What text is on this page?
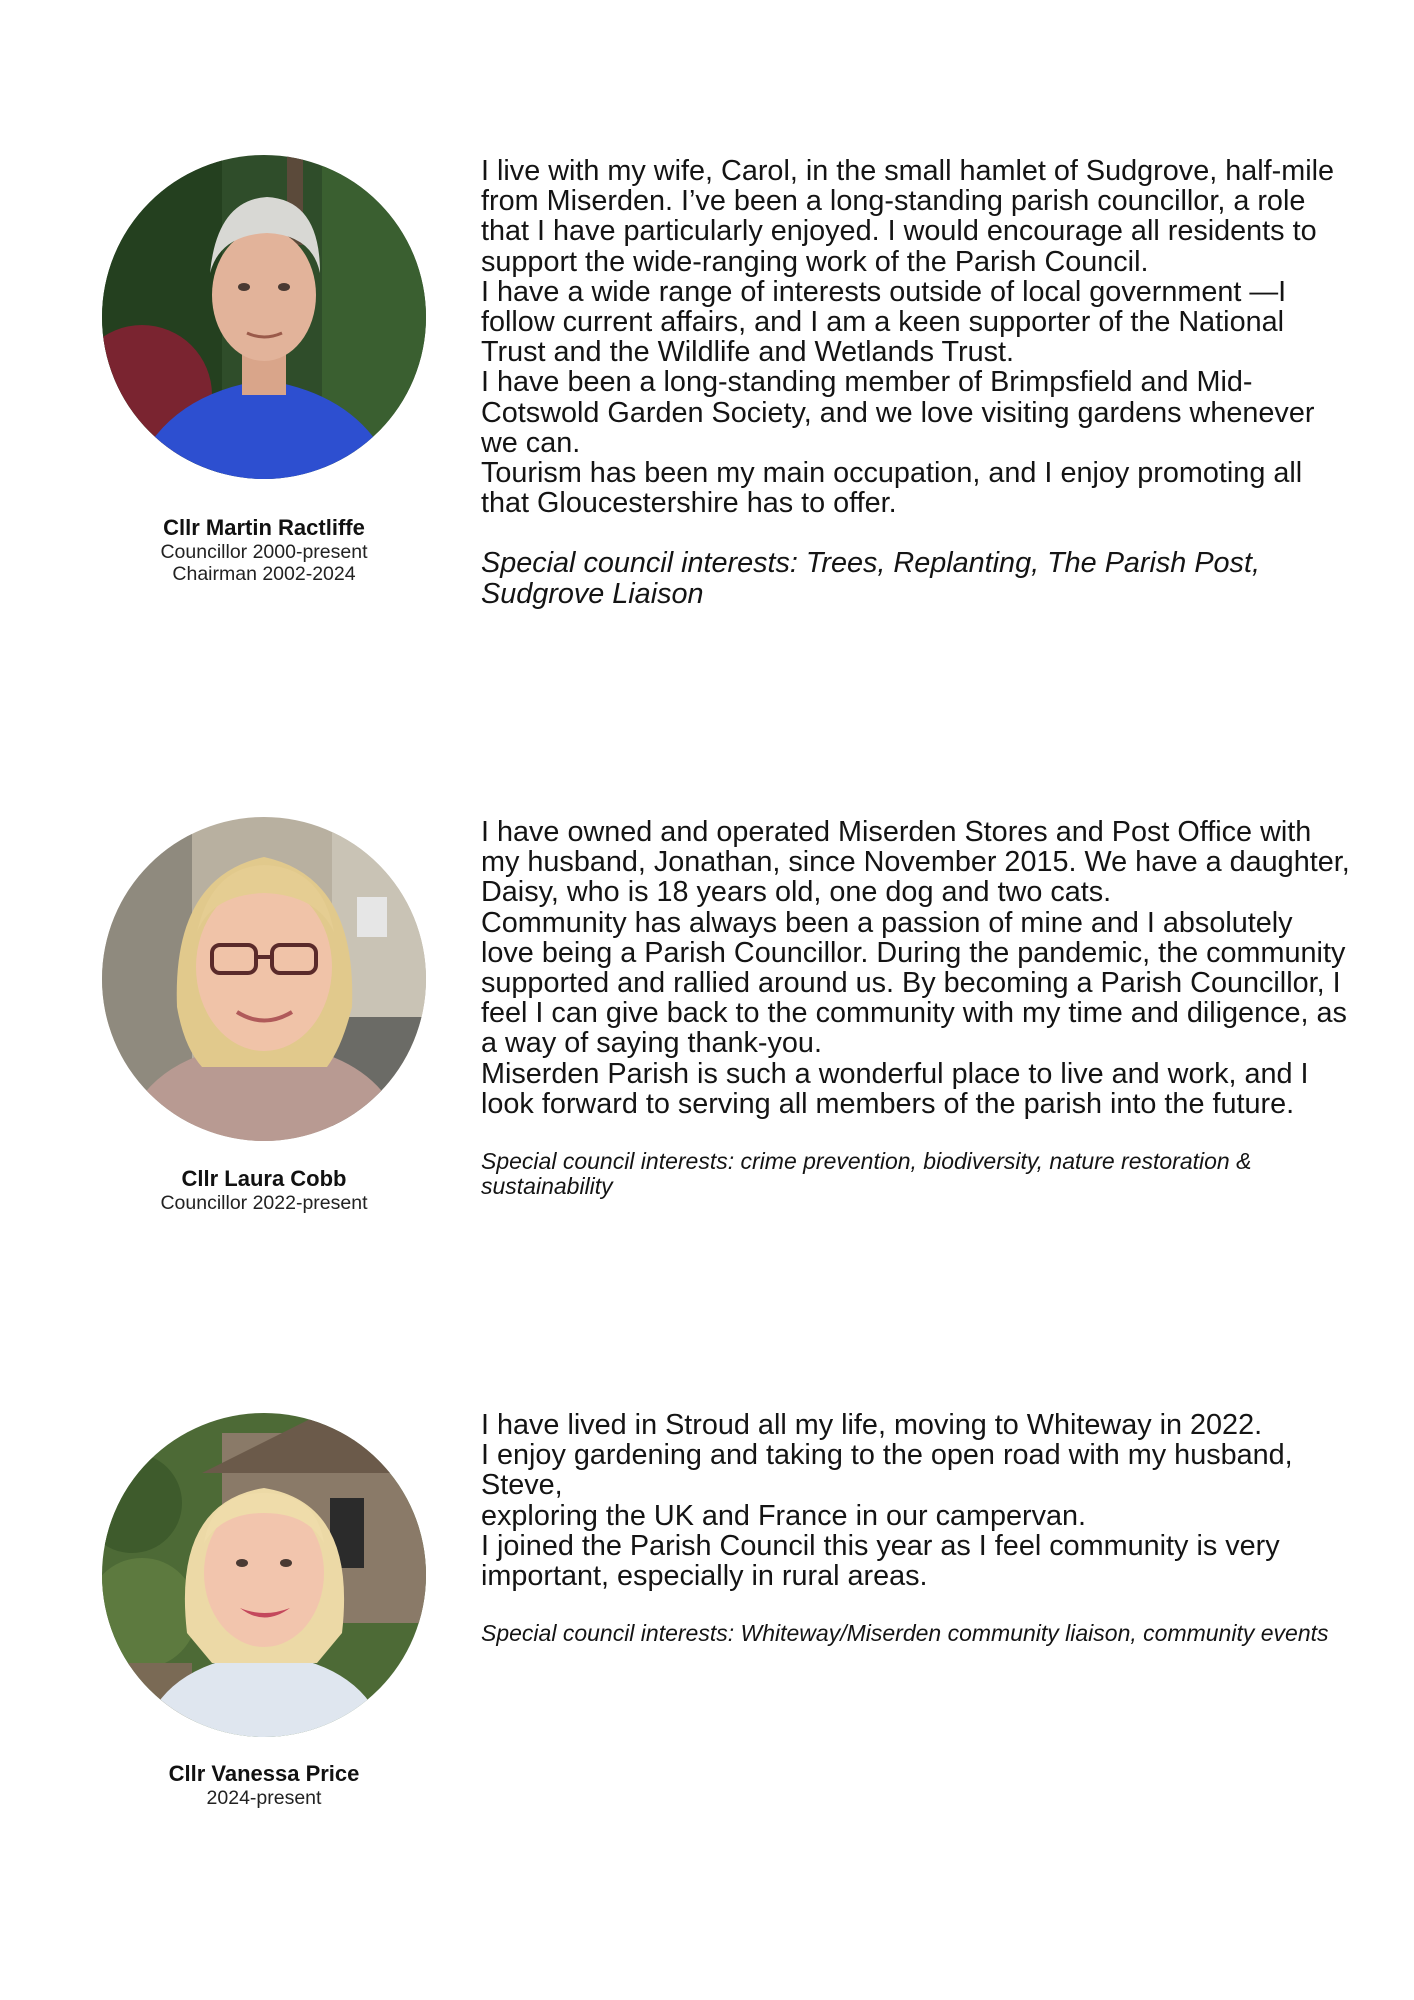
Cllr Martin Ractliffe
Councillor 2000-present
Chairman 2002-2024

I live with my wife, Carol, in the small hamlet of Sudgrove, half-mile from Miserden. I’ve been a long-standing parish councillor, a role that I have particularly enjoyed. I would encourage all residents to support the wide-ranging work of the Parish Council.

I have a wide range of interests outside of local government —I follow current affairs, and I am a keen supporter of the National Trust and the Wildlife and Wetlands Trust.

I have been a long-standing member of Brimpsfield and Mid-Cotswold Garden Society, and we love visiting gardens whenever we can.

Tourism has been my main occupation, and I enjoy promoting all that Gloucestershire has to offer.

Special council interests: Trees, Replanting, The Parish Post, Sudgrove Liaison

Cllr Laura Cobb
Councillor 2022-present

I have owned and operated Miserden Stores and Post Office with my husband, Jonathan, since November 2015. We have a daughter, Daisy, who is 18 years old, one dog and two cats.

Community has always been a passion of mine and I absolutely love being a Parish Councillor. During the pandemic, the community supported and rallied around us. By becoming a Parish Councillor, I feel I can give back to the community with my time and diligence, as a way of saying thank-you.

Miserden Parish is such a wonderful place to live and work, and I look forward to serving all members of the parish into the future.

Special council interests: crime prevention, biodiversity, nature restoration & sustainability

Cllr Vanessa Price
2024-present

I have lived in Stroud all my life, moving to Whiteway in 2022.

I enjoy gardening and taking to the open road with my husband, Steve,

exploring the UK and France in our campervan.

I joined the Parish Council this year as I feel community is very important, especially in rural areas.

Special council interests: Whiteway/Miserden community liaison, community events
